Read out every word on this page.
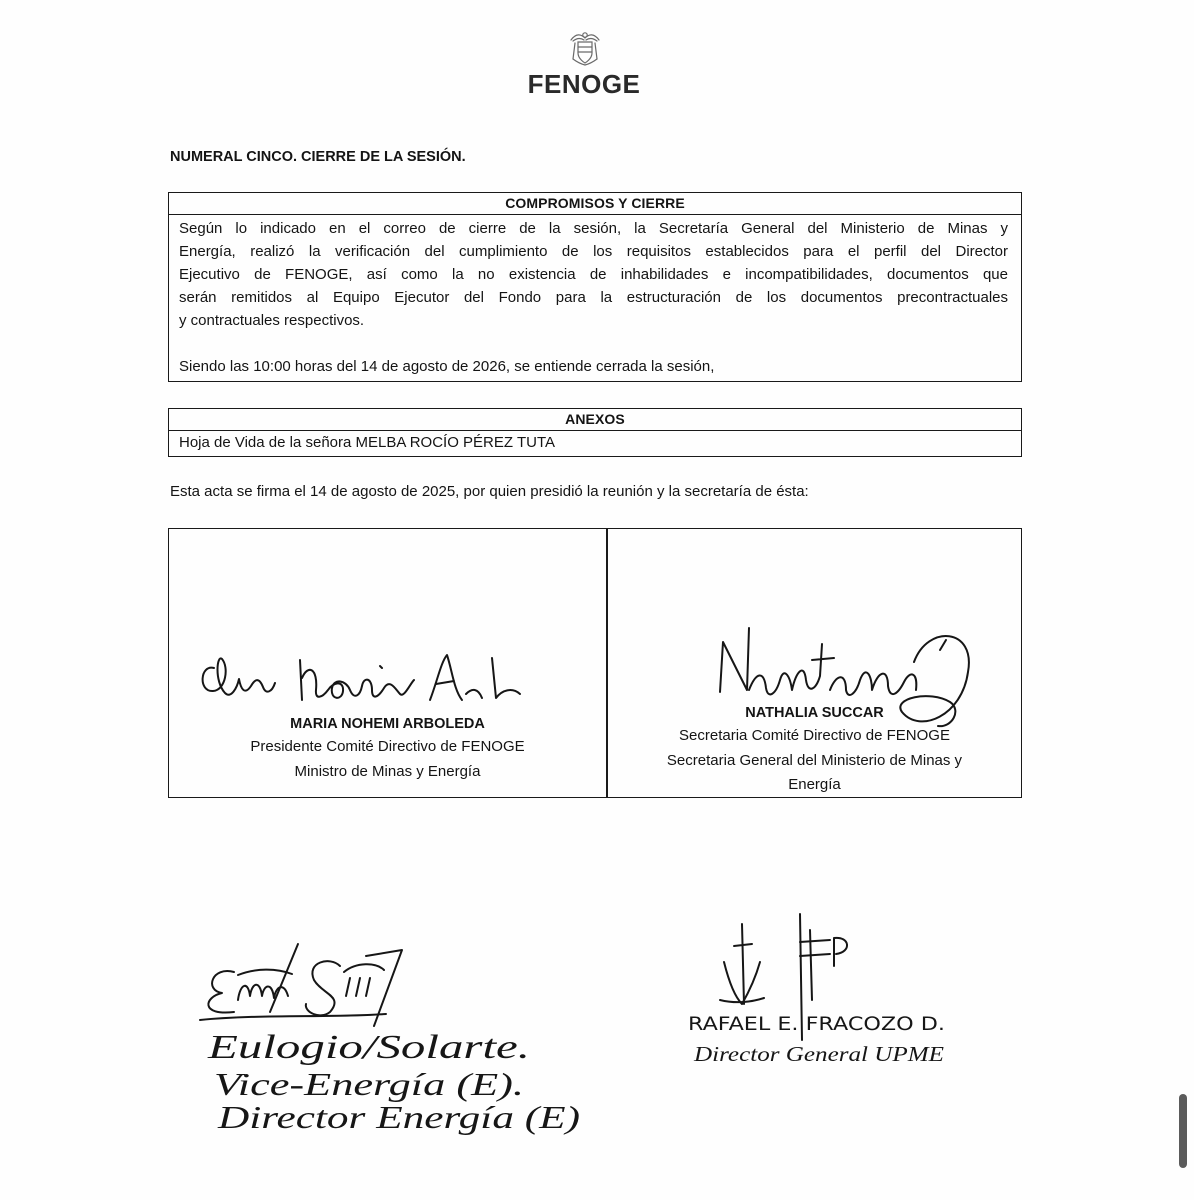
FENOGE
NUMERAL CINCO. CIERRE DE LA SESIÓN.
COMPROMISOS Y CIERRE
Según lo indicado en el correo de cierre de la sesión, la Secretaría General del Ministerio de Minas y
Energía, realizó la verificación del cumplimiento de los requisitos establecidos para el perfil del Director
Ejecutivo de FENOGE, así como la no existencia de inhabilidades e incompatibilidades, documentos que
serán remitidos al Equipo Ejecutor del Fondo para la estructuración de los documentos precontractuales
y contractuales respectivos.
Siendo las 10:00 horas del 14 de agosto de 2026, se entiende cerrada la sesión,
ANEXOS
Hoja de Vida de la señora MELBA ROCÍO PÉREZ TUTA
Esta acta se firma el 14 de agosto de 2025, por quien presidió la reunión y la secretaría de ésta:
MARIA NOHEMI ARBOLEDA
Presidente Comité Directivo de FENOGE
Ministro de Minas y Energía
NATHALIA SUCCAR
Secretaria Comité Directivo de FENOGE
Secretaria General del Ministerio de Minas y
Energía
Eulogio/Solarte.
Vice-Energía (E).
Director Energía (E)
RAFAEL E. FRACOZO D.
Director General UPME
